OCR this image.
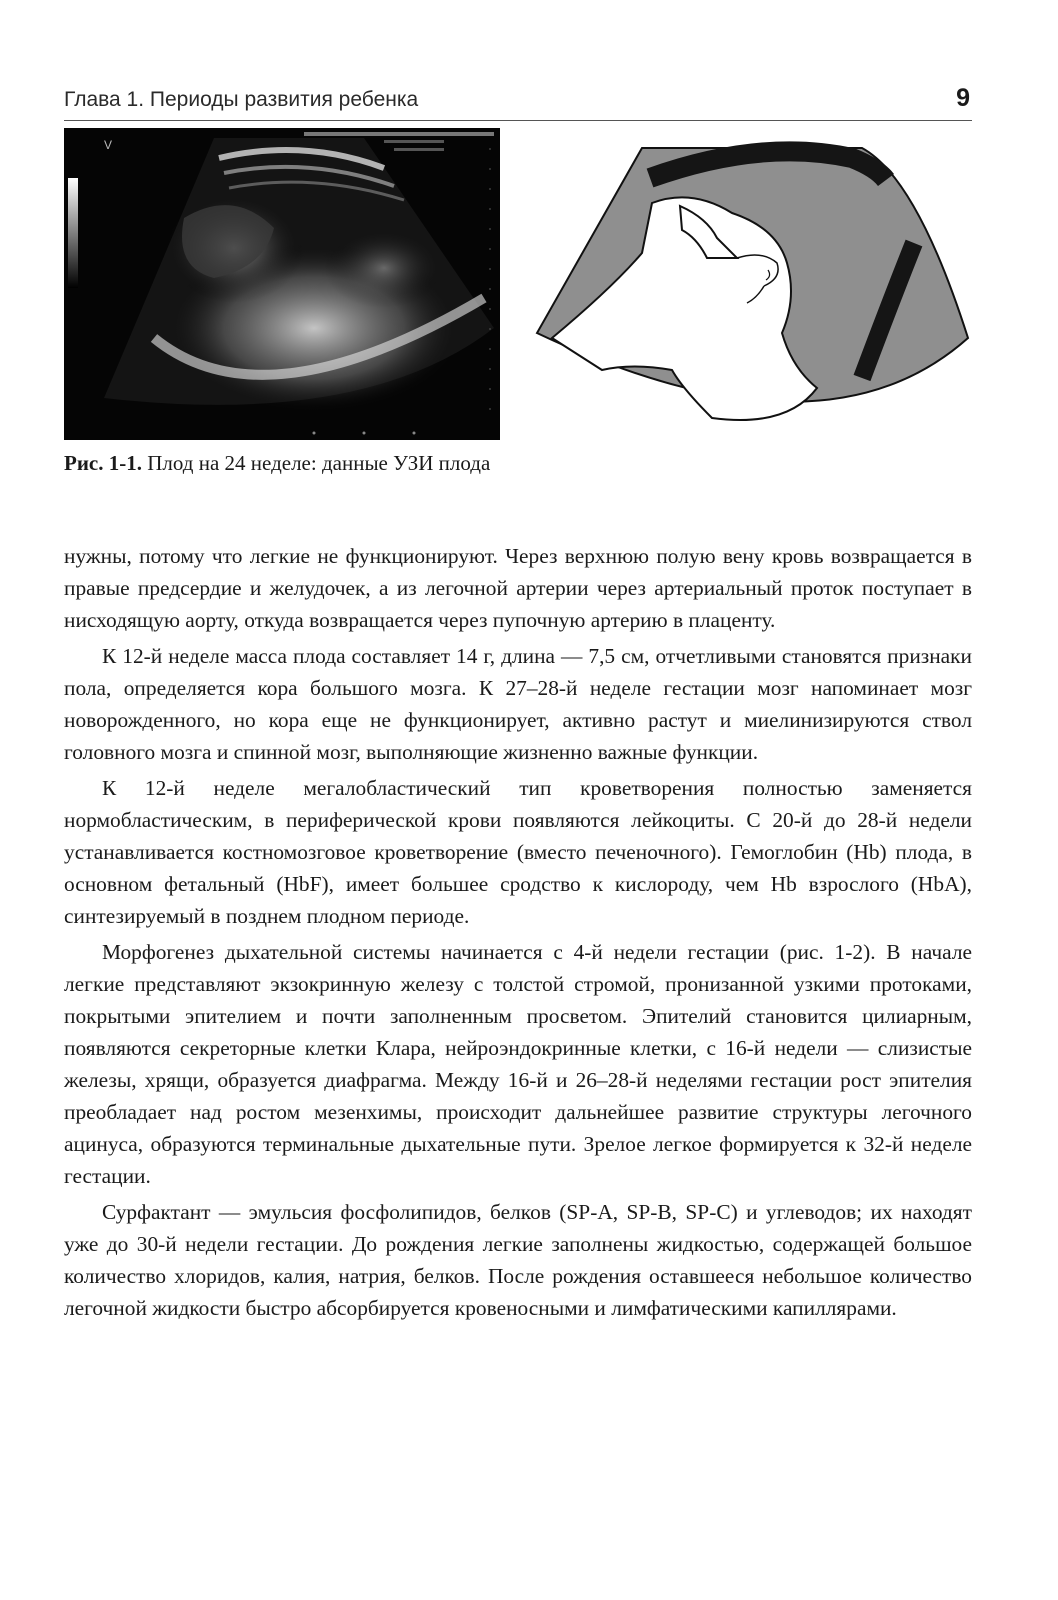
Глава 1. Периоды развития ребенка	9
V
Рис. 1-1. Плод на 24 неделе: данные УЗИ плода

нужны, потому что легкие не функционируют. Через верхнюю полую вену кровь возвращается в правые предсердие и желудочек, а из легочной артерии через артериальный проток поступает в нисходящую аорту, откуда возвращается через пупочную артерию в плаценту.

К 12-й неделе масса плода составляет 14 г, длина — 7,5 см, отчетливыми становятся признаки пола, определяется кора большого мозга. К 27–28-й неделе гестации мозг напоминает мозг новорожденного, но кора еще не функционирует, активно растут и миелинизируются ствол головного мозга и спинной мозг, выполняющие жизненно важные функции.

К 12-й неделе мегалобластический тип кроветворения полностью заменяется нормобластическим, в периферической крови появляются лейкоциты. С 20-й до 28-й недели устанавливается костномозговое кроветворение (вместо печеночного). Гемоглобин (Hb) плода, в основном фетальный (HbF), имеет большее сродство к кислороду, чем Hb взрослого (HbA), синтезируемый в позднем плодном периоде.

Морфогенез дыхательной системы начинается с 4-й недели гестации (рис. 1-2). В начале легкие представляют экзокринную железу с толстой стромой, пронизанной узкими протоками, покрытыми эпителием и почти заполненным просветом. Эпителий становится цилиарным, появляются секреторные клетки Клара, нейроэндокринные клетки, с 16-й недели — слизистые железы, хрящи, образуется диафрагма. Между 16-й и 26–28-й неделями гестации рост эпителия преобладает над ростом мезенхимы, происходит дальнейшее развитие структуры легочного ацинуса, образуются терминальные дыхательные пути. Зрелое легкое формируется к 32-й неделе гестации.

Сурфактант — эмульсия фосфолипидов, белков (SP-A, SP-B, SP-C) и углеводов; их находят уже до 30-й недели гестации. До рождения легкие заполнены жидкостью, содержащей большое количество хлоридов, калия, натрия, белков. После рождения оставшееся небольшое количество легочной жидкости быстро абсорбируется кровеносными и лимфатическими капиллярами.
